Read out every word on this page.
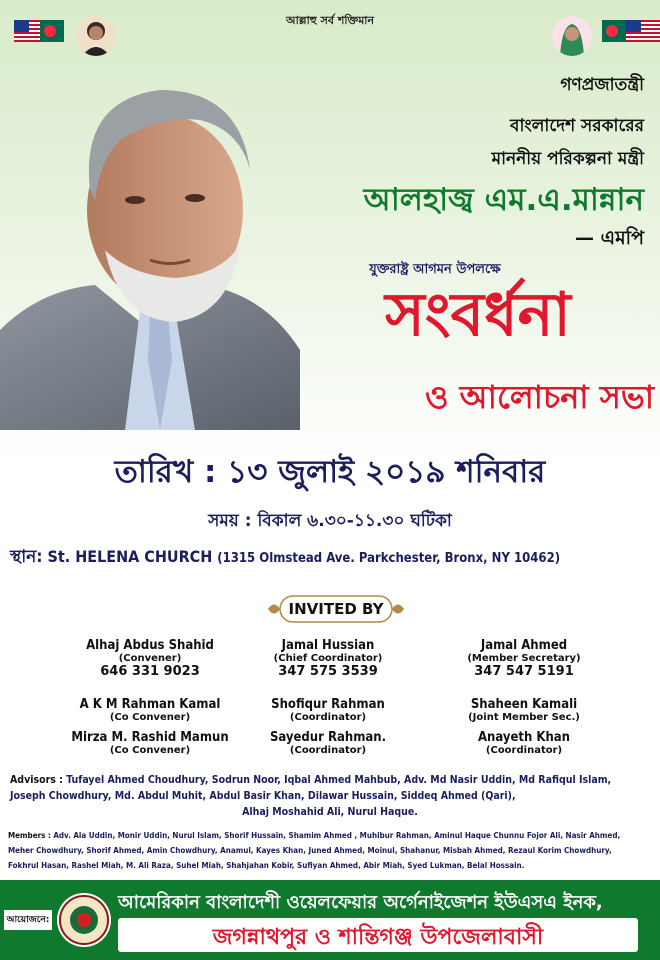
আল্লাহু সর্ব শক্তিমান
গণপ্রজাতন্ত্রী
বাংলাদেশ সরকারের
মাননীয় পরিকল্পনা মন্ত্রী
আলহাজ্ব এম.এ.মান্নান
— এমপি
যুক্তরাষ্ট্র আগমন উপলক্ষে
সংবর্ধনা
ও আলোচনা সভা
তারিখ : ১৩ জুলাই ২০১৯ শনিবার
সময় : বিকাল ৬.৩০-১১.৩০ ঘটিকা
স্থান: St. HELENA CHURCH (1315 Olmstead Ave. Parkchester, Bronx, NY 10462)
INVITED BY
Alhaj Abdus Shahid
(Convener)
646 331 9023
Jamal Hussian
(Chief Coordinator)
347 575 3539
Jamal Ahmed
(Member Secretary)
347 547 5191
A K M Rahman Kamal
(Co Convener)
Shofiqur Rahman
(Coordinator)
Shaheen Kamali
(Joint Member Sec.)
Mirza M. Rashid Mamun
(Co Convener)
Sayedur Rahman.
(Coordinator)
Anayeth Khan
(Coordinator)
Advisors : Tufayel Ahmed Choudhury, Sodrun Noor, Iqbal Ahmed Mahbub, Adv. Md Nasir Uddin, Md Rafiqul Islam,
Joseph Chowdhury, Md. Abdul Muhit, Abdul Basir Khan, Dilawar Hussain, Siddeq Ahmed (Qari),
Alhaj Moshahid Ali, Nurul Haque.
Members : Adv. Ala Uddin, Monir Uddin, Nurul Islam, Shorif Hussain, Shamim Ahmed , Muhibur Rahman, Aminul Haque Chunnu Fojor Ali, Nasir Ahmed,
Meher Chowdhury, Shorif Ahmed, Amin Chowdhury, Anamul, Kayes Khan, Juned Ahmed, Moinul, Shahanur, Misbah Ahmed, Rezaul Korim Chowdhury,
Fokhrul Hasan, Rashel Miah, M. Ali Raza, Suhel Miah, Shahjahan Kobir, Sufiyan Ahmed, Abir Miah, Syed Lukman, Belal Hossain.
আয়োজনে:
আমেরিকান বাংলাদেশী ওয়েলফেয়ার অর্গেনাইজেশন ইউএসএ ইনক,
জগন্নাথপুর ও শান্তিগঞ্জ উপজেলাবাসী
